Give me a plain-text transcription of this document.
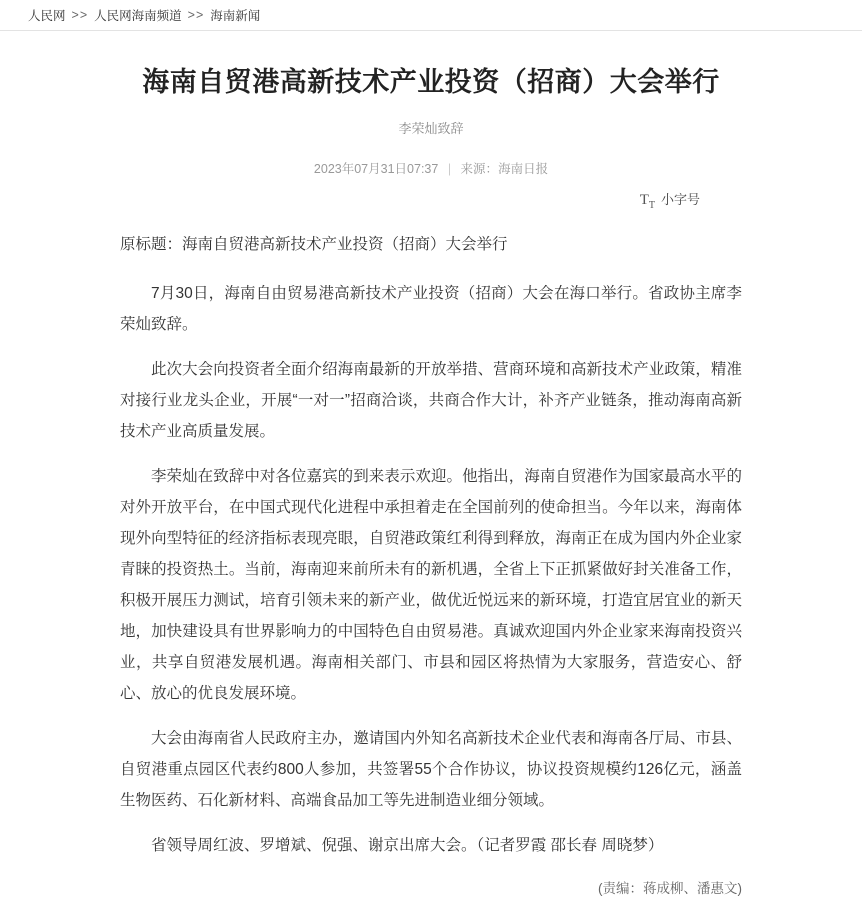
人民网 >> 人民网海南频道 >> 海南新闻
海南自贸港高新技术产业投资（招商）大会举行
李荣灿致辞
2023年07月31日07:37 | 来源：海南日报
$T_T$ 小字号

原标题：海南自贸港高新技术产业投资（招商）大会举行

7月30日，海南自由贸易港高新技术产业投资（招商）大会在海口举行。省政协主席李荣灿致辞。

此次大会向投资者全面介绍海南最新的开放举措、营商环境和高新技术产业政策，精准对接行业龙头企业，开展“一对一”招商洽谈，共商合作大计，补齐产业链条，推动海南高新技术产业高质量发展。

李荣灿在致辞中对各位嘉宾的到来表示欢迎。他指出，海南自贸港作为国家最高水平的对外开放平台，在中国式现代化进程中承担着走在全国前列的使命担当。今年以来，海南体现外向型特征的经济指标表现亮眼，自贸港政策红利得到释放，海南正在成为国内外企业家青睐的投资热土。当前，海南迎来前所未有的新机遇，全省上下正抓紧做好封关准备工作，积极开展压力测试，培育引领未来的新产业，做优近悦远来的新环境，打造宜居宜业的新天地，加快建设具有世界影响力的中国特色自由贸易港。真诚欢迎国内外企业家来海南投资兴业，共享自贸港发展机遇。海南相关部门、市县和园区将热情为大家服务，营造安心、舒心、放心的优良发展环境。

大会由海南省人民政府主办，邀请国内外知名高新技术企业代表和海南各厅局、市县、自贸港重点园区代表约800人参加，共签署55个合作协议，协议投资规模约126亿元，涵盖生物医药、石化新材料、高端食品加工等先进制造业细分领域。

省领导周红波、罗增斌、倪强、谢京出席大会。（记者罗霞 邵长春 周晓梦）

(责编：蒋成柳、潘惠文)
